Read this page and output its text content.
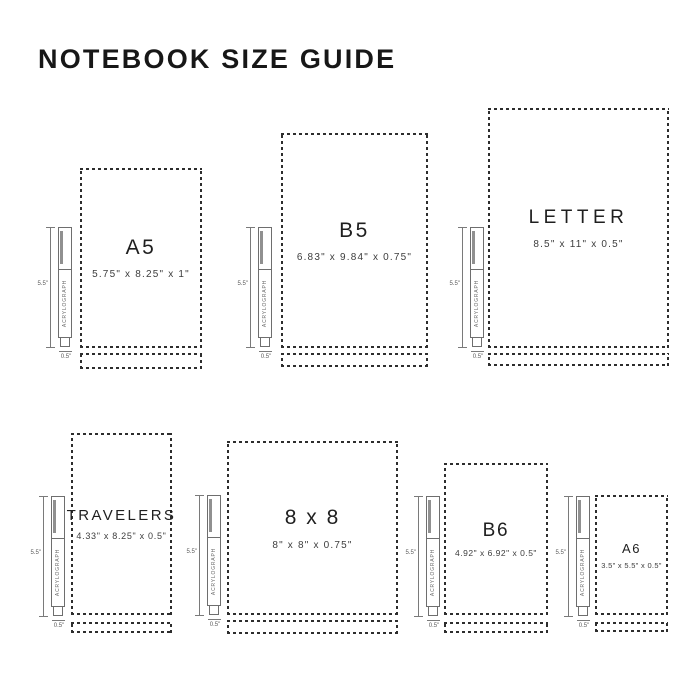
NOTEBOOK SIZE GUIDE
5.5"	ACRYLOGRAPH
0.5"
A5
5.75" x 8.25" x 1"
5.5"	ACRYLOGRAPH
0.5"
B5
6.83" x 9.84" x 0.75"
5.5"	ACRYLOGRAPH
0.5"
LETTER
8.5" x 11" x 0.5"
5.5"	ACRYLOGRAPH
0.5"
TRAVELERS
4.33" x 8.25" x 0.5"
5.5"	ACRYLOGRAPH
0.5"
8 x 8
8" x 8" x 0.75"
5.5"	ACRYLOGRAPH
0.5"
B6
4.92" x 6.92" x 0.5"	5.5"	ACRYLOGRAPH
0.5"
A6
3.5" x 5.5" x 0.5"
